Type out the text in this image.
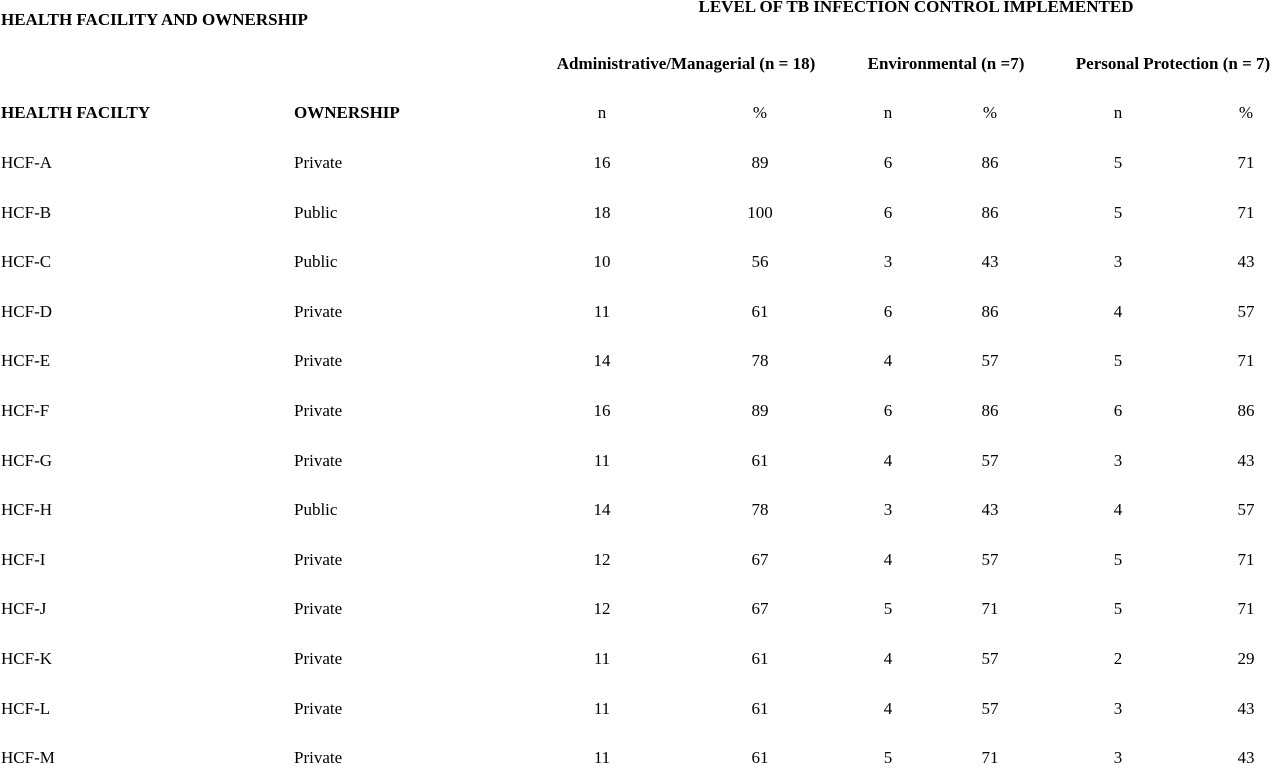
HEALTH FACILITY AND OWNERSHIP
LEVEL OF TB INFECTION CONTROL IMPLEMENTED
Administrative/Managerial (n = 18)	Environmental (n =7)	Personal Protection (n = 7)
HEALTH FACILTY	OWNERSHIP	n	%	n	%	n	%
HCF-A	Private	16	89	6	86	5	71
HCF-B	Public	18	100	6	86	5	71
HCF-C	Public	10	56	3	43	3	43
HCF-D	Private	11	61	6	86	4	57
HCF-E	Private	14	78	4	57	5	71
HCF-F	Private	16	89	6	86	6	86
HCF-G	Private	11	61	4	57	3	43
HCF-H	Public	14	78	3	43	4	57
HCF-I	Private	12	67	4	57	5	71
HCF-J	Private	12	67	5	71	5	71
HCF-K	Private	11	61	4	57	2	29
HCF-L	Private	11	61	4	57	3	43
HCF-M	Private	11	61	5	71	3	43
